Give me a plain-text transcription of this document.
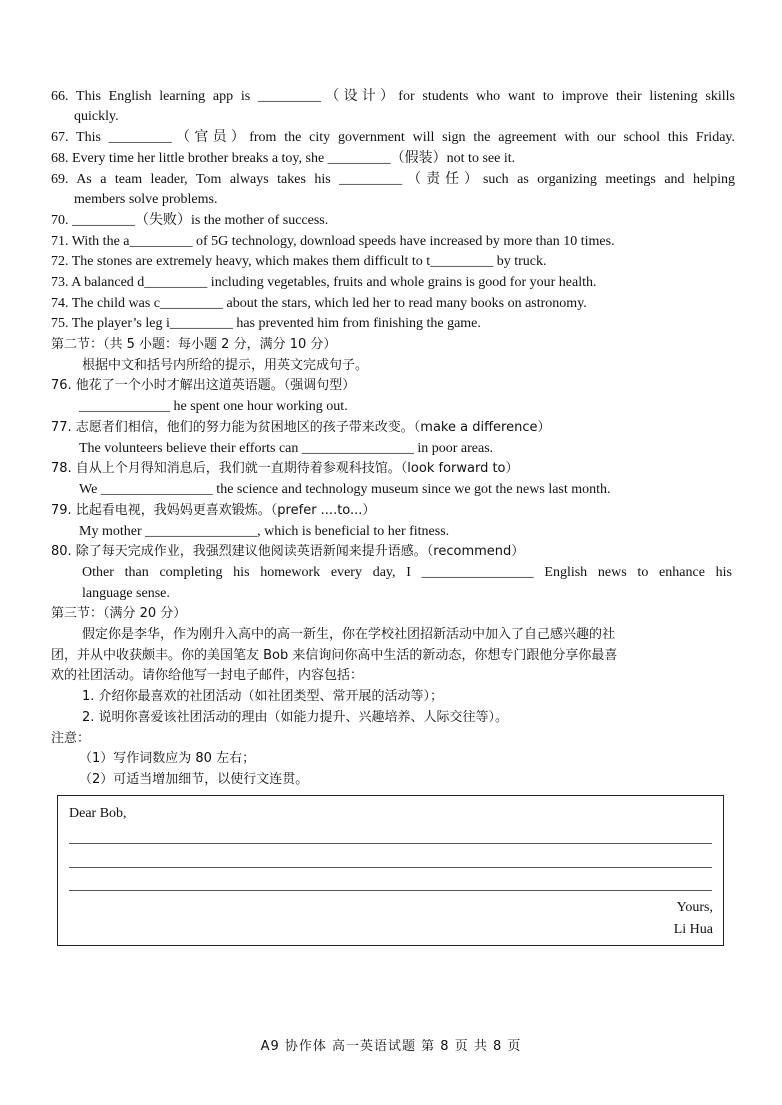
66. This English learning app is _________（设计）for students who want to improve their listening skills
quickly.
67. This _________（官员）from the city government will sign the agreement with our school this Friday.
68. Every time her little brother breaks a toy, she _________（假装）not to see it.
69. As a team leader, Tom always takes his _________（责任）such as organizing meetings and helping
members solve problems.
70. _________（失败）is the mother of success.
71. With the a_________ of 5G technology, download speeds have increased by more than 10 times.
72. The stones are extremely heavy, which makes them difficult to t_________ by truck.
73. A balanced d_________ including vegetables, fruits and whole grains is good for your health.
74. The child was c_________ about the stars, which led her to read many books on astronomy.
75. The player’s leg i_________ has prevented him from finishing the game.
第二节：（共 5 小题：每小题 2 分，满分 10 分）
根据中文和括号内所给的提示，用英文完成句子。
76. 他花了一个小时才解出这道英语题。（强调句型）
_____________ he spent one hour working out.
77. 志愿者们相信，他们的努力能为贫困地区的孩子带来改变。（make a difference）
The volunteers believe their efforts can ________________ in poor areas.
78. 自从上个月得知消息后，我们就一直期待着参观科技馆。（look forward to）
We ________________ the science and technology museum since we got the news last month.
79. 比起看电视，我妈妈更喜欢锻炼。（prefer ....to...）
My mother ________________, which is beneficial to her fitness.
80. 除了每天完成作业，我强烈建议他阅读英语新闻来提升语感。（recommend）
Other than completing his homework every day, I ________________ English news to enhance his
language sense.
第三节：（满分 20 分）
假定你是李华，作为刚升入高中的高一新生，你在学校社团招新活动中加入了自己感兴趣的社
团，并从中收获颇丰。你的美国笔友 Bob 来信询问你高中生活的新动态，你想专门跟他分享你最喜
欢的社团活动。请你给他写一封电子邮件，内容包括：
1. 介绍你最喜欢的社团活动（如社团类型、常开展的活动等）；
2. 说明你喜爱该社团活动的理由（如能力提升、兴趣培养、人际交往等）。
注意：
（1）写作词数应为 80 左右；
（2）可适当增加细节，以使行文连贯。
Dear Bob,
Yours,
Li Hua
A9 协作体 高一英语试题 第 8 页 共 8 页
